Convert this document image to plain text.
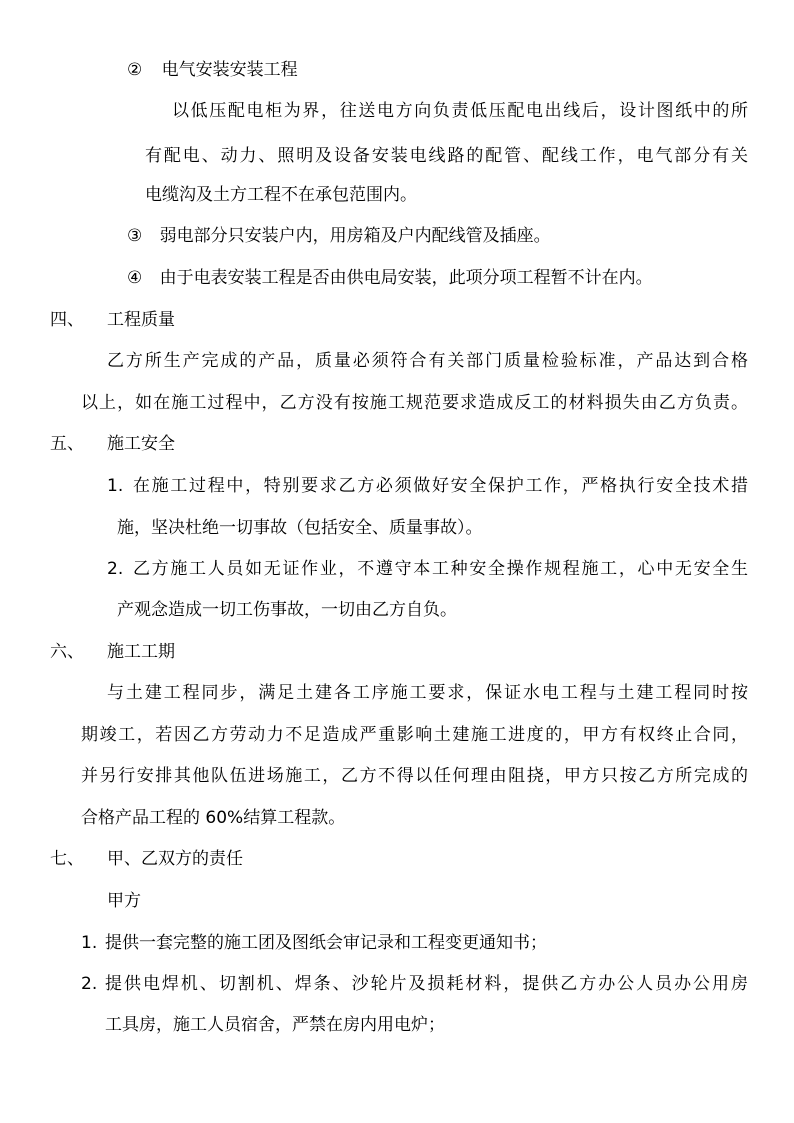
② 电气安装安装工程
以低压配电柜为界，往送电方向负责低压配电出线后，设计图纸中的所
有配电、动力、照明及设备安装电线路的配管、配线工作，电气部分有关
电缆沟及土方工程不在承包范围内。
③ 弱电部分只安装户内，用房箱及户内配线管及插座。
④ 由于电表安装工程是否由供电局安装，此项分项工程暂不计在内。
四、 工程质量
乙方所生产完成的产品，质量必须符合有关部门质量检验标准，产品达到合格
以上，如在施工过程中，乙方没有按施工规范要求造成反工的材料损失由乙方负责。
五、 施工安全
1. 在施工过程中，特别要求乙方必须做好安全保护工作，严格执行安全技术措
施，坚决杜绝一切事故（包括安全、质量事故）。
2. 乙方施工人员如无证作业，不遵守本工种安全操作规程施工，心中无安全生
产观念造成一切工伤事故，一切由乙方自负。
六、 施工工期
与土建工程同步，满足土建各工序施工要求，保证水电工程与土建工程同时按
期竣工，若因乙方劳动力不足造成严重影响土建施工进度的，甲方有权终止合同，
并另行安排其他队伍进场施工，乙方不得以任何理由阻挠，甲方只按乙方所完成的
合格产品工程的 60%结算工程款。
七、 甲、乙双方的责任
甲方
1. 提供一套完整的施工团及图纸会审记录和工程变更通知书；
2. 提供电焊机、切割机、焊条、沙轮片及损耗材料，提供乙方办公人员办公用房
工具房，施工人员宿舍，严禁在房内用电炉；
